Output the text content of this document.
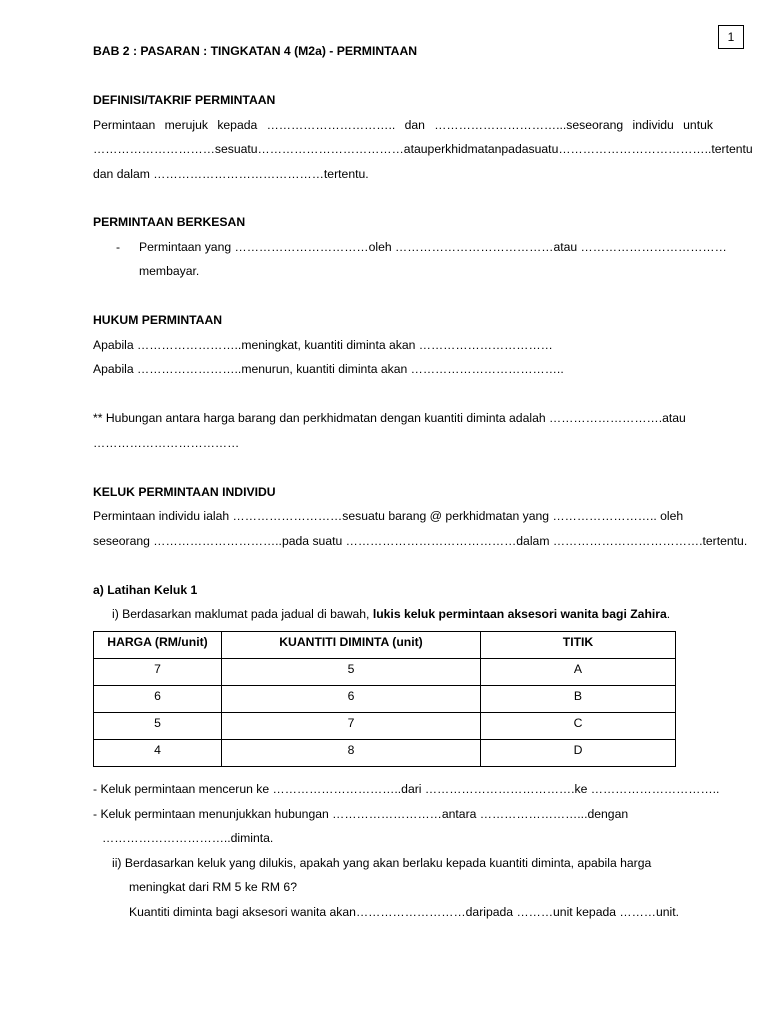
1
BAB 2 : PASARAN : TINGKATAN 4 (M2a) - PERMINTAAN
DEFINISI/TAKRIF PERMINTAAN
Permintaan merujuk kepada ………………………….. dan …………………………...seseorang individu untuk
…………………………sesuatu………………………………atau perkhidmatan pada suatu……………………………….. tertentu
dan dalam ……………………………………tertentu.
PERMINTAAN BERKESAN
- Permintaan yang ……………………………oleh …………………………………atau ………………………………
membayar.
HUKUM PERMINTAAN
Apabila ……………………..meningkat, kuantiti diminta akan ……………………………
Apabila ……………………..menurun, kuantiti diminta akan ………………………………..
** Hubungan antara harga barang dan perkhidmatan dengan kuantiti diminta adalah ……………………….atau
………………………………
KELUK PERMINTAAN INDIVIDU
Permintaan individu ialah ………………………sesuatu barang @ perkhidmatan yang …………………….. oleh
seseorang …………………………..pada suatu ……………………………………dalam ……………………………….tertentu.
a) Latihan Keluk 1
i) Berdasarkan maklumat pada jadual di bawah, lukis keluk permintaan aksesori wanita bagi Zahira.
HARGA (RM/unit)	KUANTITI DIMINTA (unit)	TITIK
7	5	A
6	6	B
5	7	C
4	8	D
- Keluk permintaan mencerun ke …………………………..dari ……………………………….ke …………………………..
- Keluk permintaan menunjukkan hubungan ………………………antara ……………………...dengan
…………………………..diminta.
ii) Berdasarkan keluk yang dilukis, apakah yang akan berlaku kepada kuantiti diminta, apabila harga
meningkat dari RM 5 ke RM 6?
Kuantiti diminta bagi aksesori wanita akan………………………daripada ………unit kepada ………unit.
